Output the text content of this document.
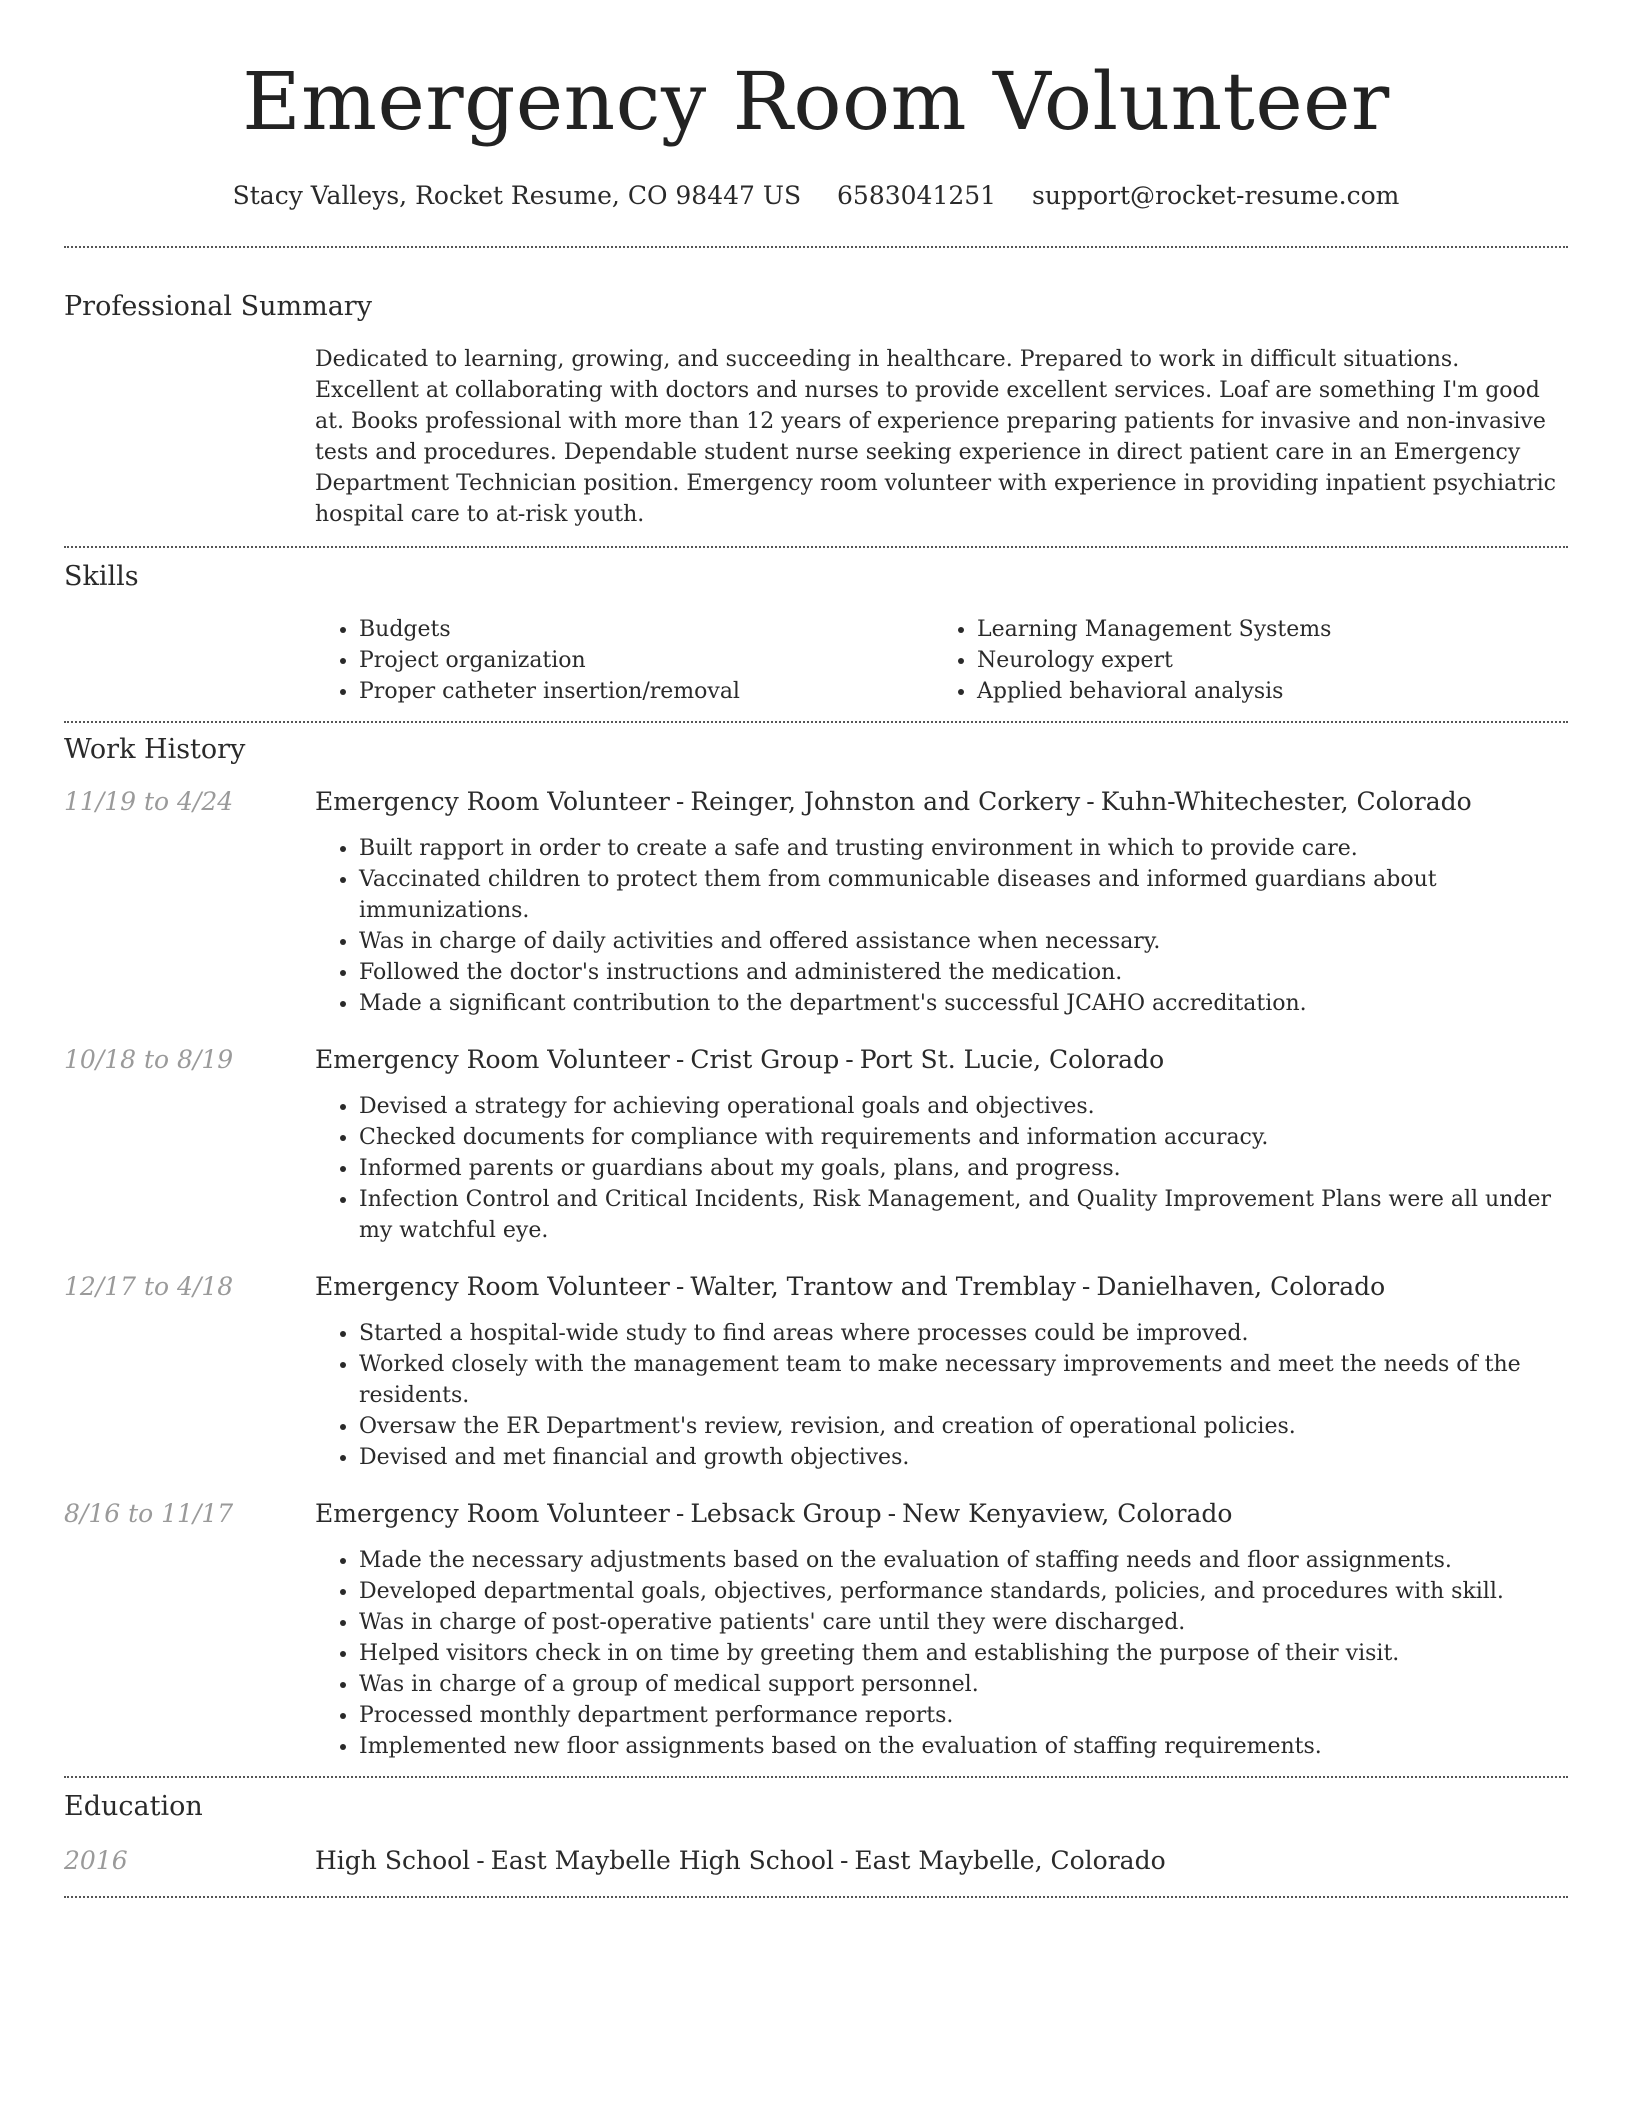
Emergency Room Volunteer
Stacy Valleys, Rocket Resume, CO 98447 US 6583041251 support@rocket-resume.com
Professional Summary

Dedicated to learning, growing, and succeeding in healthcare. Prepared to work in difficult situations. Excellent at collaborating with doctors and nurses to provide excellent services. Loaf are something I'm good at. Books professional with more than 12 years of experience preparing patients for invasive and non-invasive tests and procedures. Dependable student nurse seeking experience in direct patient care in an Emergency Department Technician position. Emergency room volunteer with experience in providing inpatient psychiatric hospital care to at-risk youth.

Skills
• Budgets
• Project organization
• Proper catheter insertion/removal
• Learning Management Systems
• Neurology expert
• Applied behavioral analysis
Work History
11/19 to 4/24	Emergency Room Volunteer - Reinger, Johnston and Corkery - Kuhn-Whitechester, Colorado
• Built rapport in order to create a safe and trusting environment in which to provide care.
• Vaccinated children to protect them from communicable diseases and informed guardians about immunizations.
• Was in charge of daily activities and offered assistance when necessary.
• Followed the doctor's instructions and administered the medication.
• Made a significant contribution to the department's successful JCAHO accreditation.
10/18 to 8/19	Emergency Room Volunteer - Crist Group - Port St. Lucie, Colorado
• Devised a strategy for achieving operational goals and objectives.
• Checked documents for compliance with requirements and information accuracy.
• Informed parents or guardians about my goals, plans, and progress.
• Infection Control and Critical Incidents, Risk Management, and Quality Improvement Plans were all under my watchful eye.
12/17 to 4/18	Emergency Room Volunteer - Walter, Trantow and Tremblay - Danielhaven, Colorado
• Started a hospital-wide study to find areas where processes could be improved.
• Worked closely with the management team to make necessary improvements and meet the needs of the residents.
• Oversaw the ER Department's review, revision, and creation of operational policies.
• Devised and met financial and growth objectives.
8/16 to 11/17	Emergency Room Volunteer - Lebsack Group - New Kenyaview, Colorado
• Made the necessary adjustments based on the evaluation of staffing needs and floor assignments.
• Developed departmental goals, objectives, performance standards, policies, and procedures with skill.
• Was in charge of post-operative patients' care until they were discharged.
• Helped visitors check in on time by greeting them and establishing the purpose of their visit.
• Was in charge of a group of medical support personnel.
• Processed monthly department performance reports.
• Implemented new floor assignments based on the evaluation of staffing requirements.
Education
2016	High School - East Maybelle High School - East Maybelle, Colorado
